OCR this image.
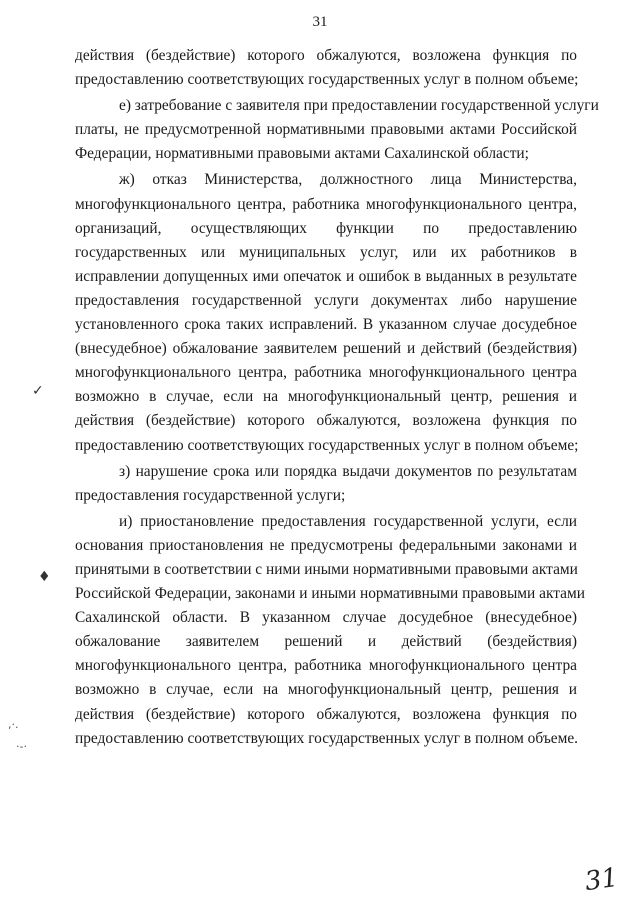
31
действия (бездействие) которого обжалуются, возложена функция по
предоставлению соответствующих государственных услуг в полном объеме;
е) затребование с заявителя при предоставлении государственной услуги
платы, не предусмотренной нормативными правовыми актами Российской
Федерации, нормативными правовыми актами Сахалинской области;
ж) отказ Министерства, должностного лица Министерства,
многофункционального центра, работника многофункционального центра,
организаций, осуществляющих функции по предоставлению
государственных или муниципальных услуг, или их работников в
исправлении допущенных ими опечаток и ошибок в выданных в результате
предоставления государственной услуги документах либо нарушение
установленного срока таких исправлений. В указанном случае досудебное
(внесудебное) обжалование заявителем решений и действий (бездействия)
многофункционального центра, работника многофункционального центра
возможно в случае, если на многофункциональный центр, решения и
действия (бездействие) которого обжалуются, возложена функция по
предоставлению соответствующих государственных услуг в полном объеме;
з) нарушение срока или порядка выдачи документов по результатам
предоставления государственной услуги;
и) приостановление предоставления государственной услуги, если
основания приостановления не предусмотрены федеральными законами и
принятыми в соответствии с ними иными нормативными правовыми актами
Российской Федерации, законами и иными нормативными правовыми актами
Сахалинской области. В указанном случае досудебное (внесудебное)
обжалование заявителем решений и действий (бездействия)
многофункционального центра, работника многофункционального центра
возможно в случае, если на многофункциональный центр, решения и
действия (бездействие) которого обжалуются, возложена функция по
предоставлению соответствующих государственных услуг в полном объеме.
✓
♦
,·.
·-·
31
